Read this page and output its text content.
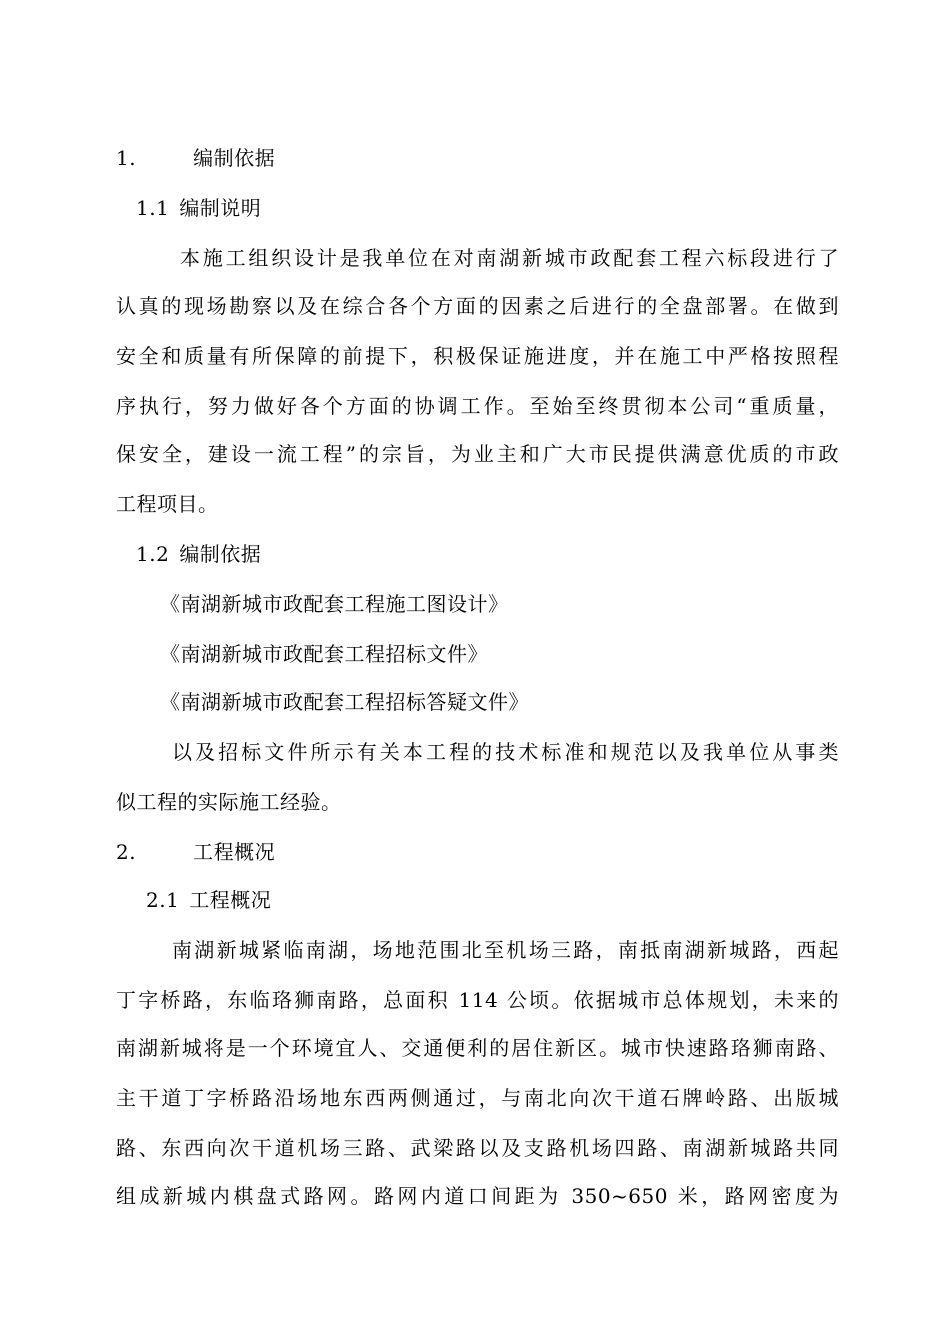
1.	编制依据
1.1 编制说明
本施工组织设计是我单位在对南湖新城市政配套工程六标段进行了
认真的现场勘察以及在综合各个方面的因素之后进行的全盘部署。在做到
安全和质量有所保障的前提下，积极保证施进度，并在施工中严格按照程
序执行，努力做好各个方面的协调工作。至始至终贯彻本公司“重质量，
保安全，建设一流工程”的宗旨，为业主和广大市民提供满意优质的市政
工程项目。
1.2 编制依据
《南湖新城市政配套工程施工图设计》
《南湖新城市政配套工程招标文件》
《南湖新城市政配套工程招标答疑文件》
以及招标文件所示有关本工程的技术标准和规范以及我单位从事类
似工程的实际施工经验。
2.	工程概况
2.1 工程概况
南湖新城紧临南湖，场地范围北至机场三路，南抵南湖新城路，西起
丁字桥路，东临珞狮南路，总面积 114 公顷。依据城市总体规划，未来的
南湖新城将是一个环境宜人、交通便利的居住新区。城市快速路珞狮南路、
主干道丁字桥路沿场地东西两侧通过，与南北向次干道石牌岭路、出版城
路、东西向次干道机场三路、武梁路以及支路机场四路、南湖新城路共同
组成新城内棋盘式路网。路网内道口间距为 350~650 米，路网密度为
